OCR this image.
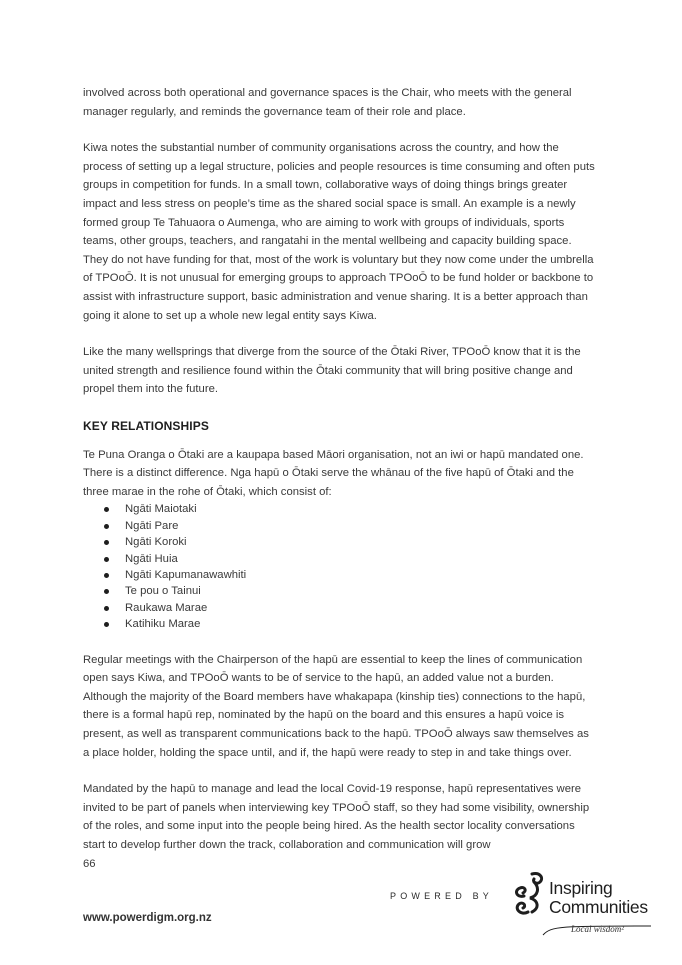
involved across both operational and governance spaces is the Chair, who meets with the general manager regularly, and reminds the governance team of their role and place.

Kiwa notes the substantial number of community organisations across the country, and how the process of setting up a legal structure, policies and people resources is time consuming and often puts groups in competition for funds. In a small town, collaborative ways of doing things brings greater impact and less stress on people’s time as the shared social space is small. An example is a newly formed group Te Tahuaora o Aumenga, who are aiming to work with groups of individuals, sports teams, other groups, teachers, and rangatahi in the mental wellbeing and capacity building space. They do not have funding for that, most of the work is voluntary but they now come under the umbrella of TPOoŌ. It is not unusual for emerging groups to approach TPOoŌ to be fund holder or backbone to assist with infrastructure support, basic administration and venue sharing. It is a better approach than going it alone to set up a whole new legal entity says Kiwa.

Like the many wellsprings that diverge from the source of the Ōtaki River, TPOoŌ know that it is the united strength and resilience found within the Ōtaki community that will bring positive change and propel them into the future.

KEY RELATIONSHIPS

Te Puna Oranga o Ōtaki are a kaupapa based Māori organisation, not an iwi or hapū mandated one. There is a distinct difference. Nga hapū o Ōtaki serve the whānau of the five hapū of Ōtaki and the three marae in the rohe of Ōtaki, which consist of:

Ngāti Maiotaki
Ngāti Pare
Ngāti Koroki
Ngāti Huia
Ngāti Kapumanawawhiti
Te pou o Tainui
Raukawa Marae
Katihiku Marae

Regular meetings with the Chairperson of the hapū are essential to keep the lines of communication open says Kiwa, and TPOoŌ wants to be of service to the hapū, an added value not a burden. Although the majority of the Board members have whakapapa (kinship ties) connections to the hapū, there is a formal hapū rep, nominated by the hapū on the board and this ensures a hapū voice is present, as well as transparent communications back to the hapū. TPOoŌ always saw themselves as a place holder, holding the space until, and if, the hapū were ready to step in and take things over.

Mandated by the hapū to manage and lead the local Covid-19 response, hapū representatives were invited to be part of panels when interviewing key TPOoŌ staff, so they had some visibility, ownership of the roles, and some input into the people being hired. As the health sector locality conversations start to develop further down the track, collaboration and communication will grow

66
POWERED BY
www.powerdigm.org.nz
Inspiring
Communities
Local wisdom²
